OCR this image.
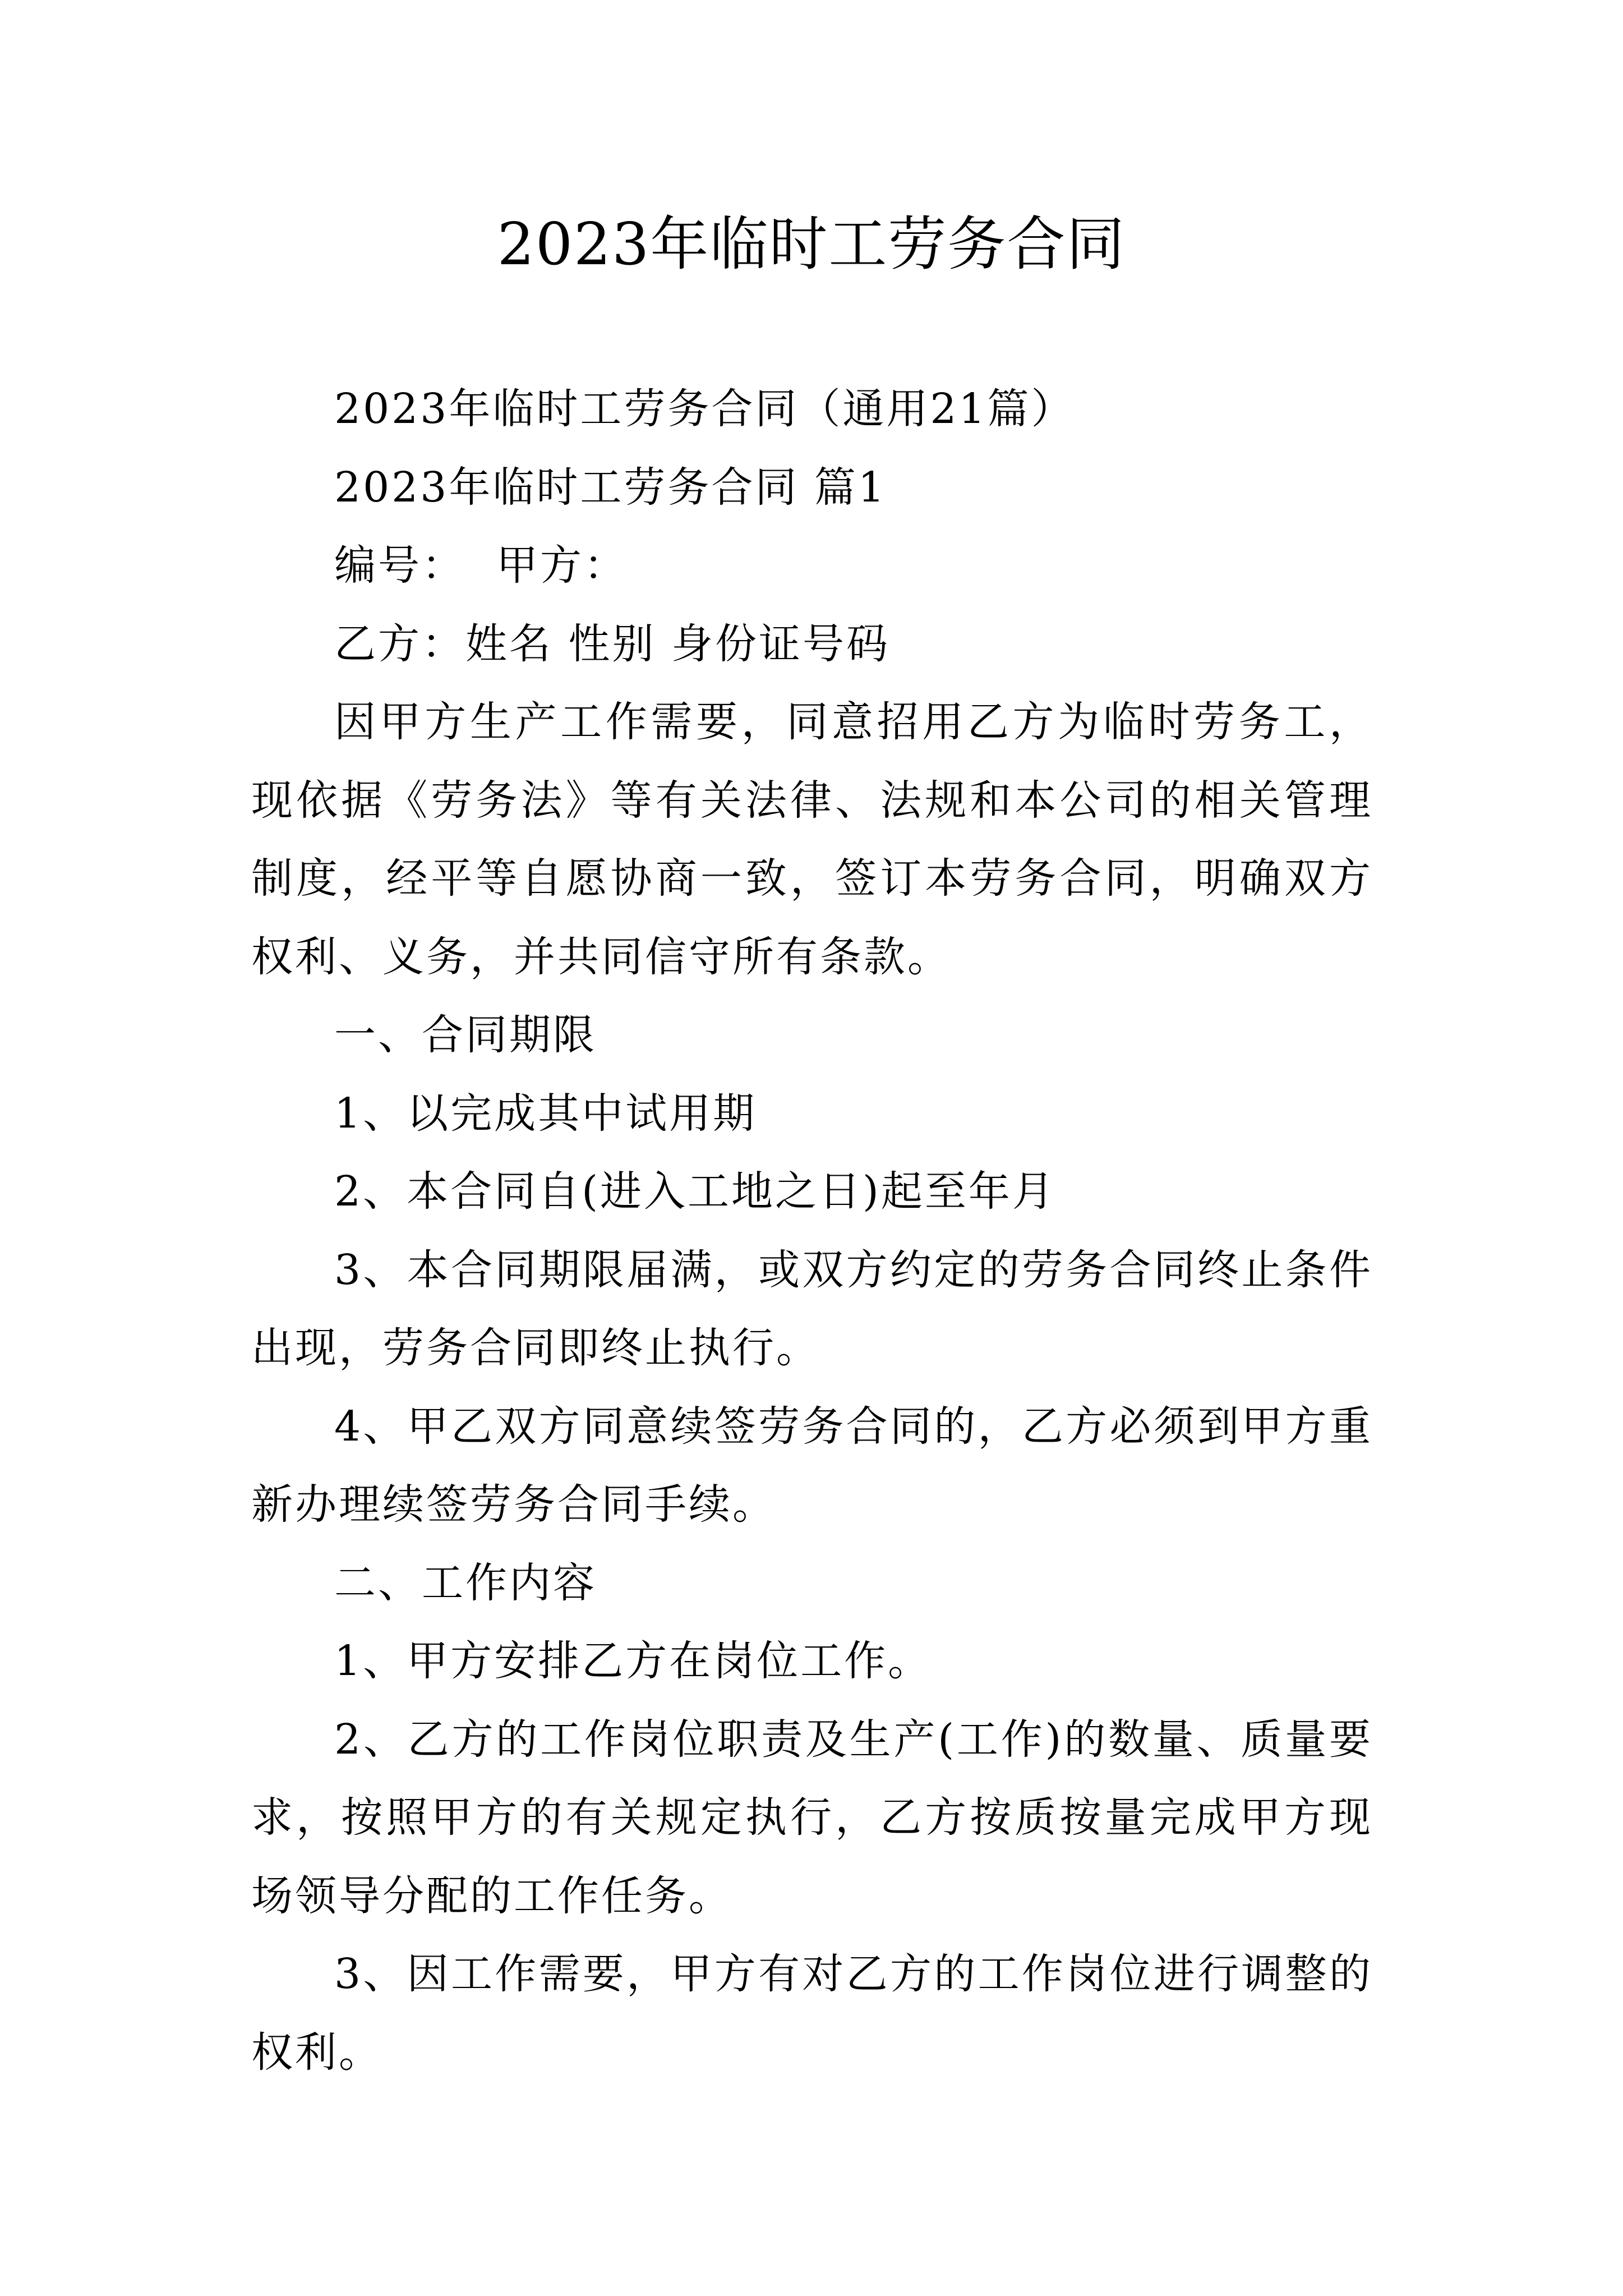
2023年临时工劳务合同

2023年临时工劳务合同（通用21篇）

2023年临时工劳务合同 篇1

编号：  甲方：

乙方：姓名 性别 身份证号码

因甲方生产工作需要，同意招用乙方为临时劳务工，现依据《劳务法》等有关法律、法规和本公司的相关管理制度，经平等自愿协商一致，签订本劳务合同，明确双方权利、义务，并共同信守所有条款。

一、合同期限

1、以完成其中试用期

2、本合同自(进入工地之日)起至年月

3、本合同期限届满，或双方约定的劳务合同终止条件出现，劳务合同即终止执行。

4、甲乙双方同意续签劳务合同的，乙方必须到甲方重新办理续签劳务合同手续。

二、工作内容

1、甲方安排乙方在岗位工作。

2、乙方的工作岗位职责及生产(工作)的数量、质量要求，按照甲方的有关规定执行，乙方按质按量完成甲方现场领导分配的工作任务。

3、因工作需要，甲方有对乙方的工作岗位进行调整的权利。
